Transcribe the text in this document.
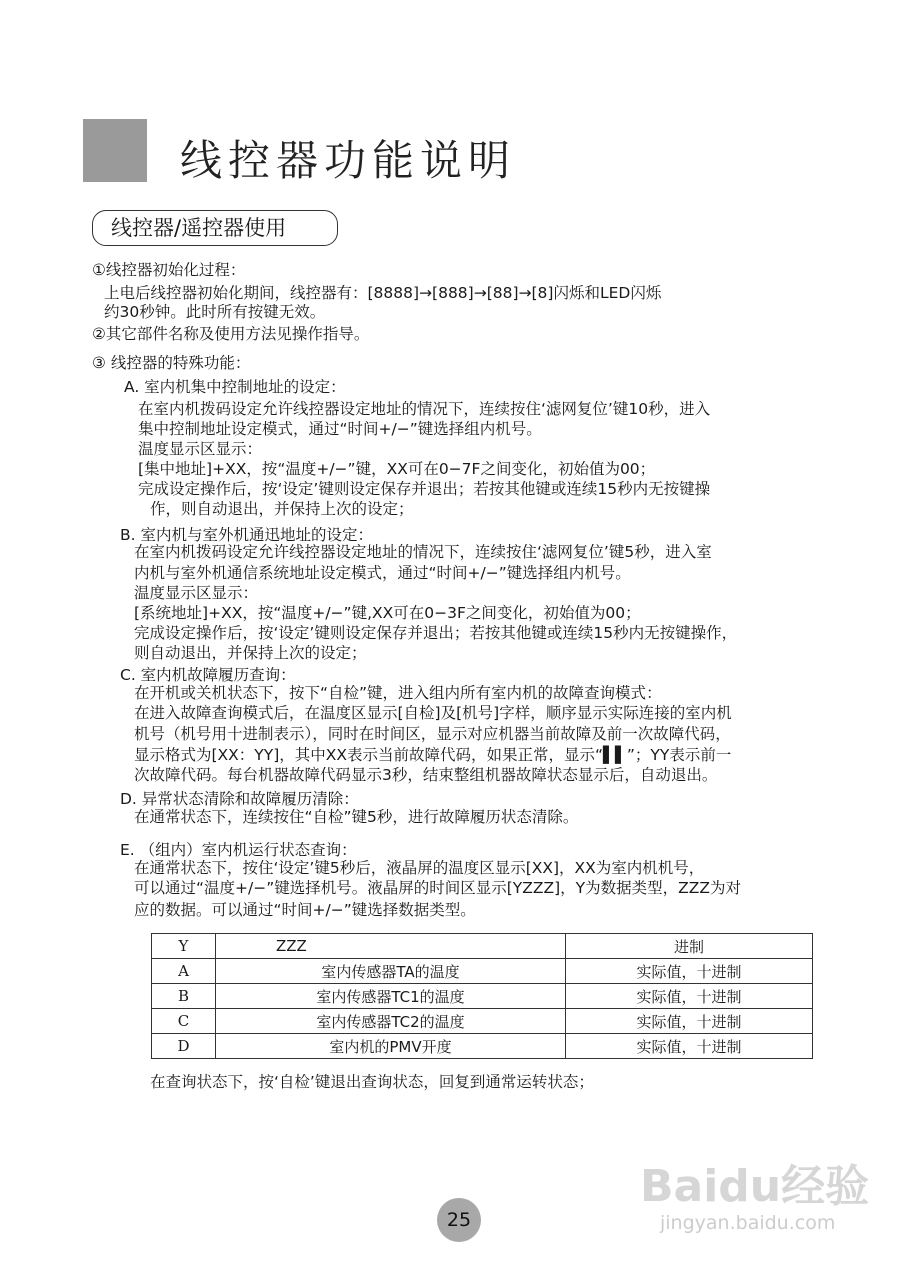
线控器功能说明
线控器/遥控器使用
①线控器初始化过程：
上电后线控器初始化期间，线控器有：[8888]→[888]→[88]→[8]闪烁和LED闪烁
约30秒钟。此时所有按键无效。
②其它部件名称及使用方法见操作指导。
③ 线控器的特殊功能：
A. 室内机集中控制地址的设定：
在室内机拨码设定允许线控器设定地址的情况下，连续按住‘滤网复位’键10秒，进入
集中控制地址设定模式，通过“时间+/−”键选择组内机号。
温度显示区显示：
[集中地址]+XX，按“温度+/−”键，XX可在0−7F之间变化，初始值为00；
完成设定操作后，按‘设定’键则设定保存并退出；若按其他键或连续15秒内无按键操
作，则自动退出，并保持上次的设定；
B. 室内机与室外机通迅地址的设定：
在室内机拨码设定允许线控器设定地址的情况下，连续按住‘滤网复位’键5秒，进入室
内机与室外机通信系统地址设定模式，通过“时间+/−”键选择组内机号。
温度显示区显示：
[系统地址]+XX，按“温度+/−”键,XX可在0−3F之间变化，初始值为00；
完成设定操作后，按‘设定’键则设定保存并退出；若按其他键或连续15秒内无按键操作，
则自动退出，并保持上次的设定；
C. 室内机故障履历查询：
在开机或关机状态下，按下“自检”键，进入组内所有室内机的故障查询模式：
在进入故障查询模式后，在温度区显示[自检]及[机号]字样，顺序显示实际连接的室内机
机号（机号用十进制表示），同时在时间区，显示对应机器当前故障及前一次故障代码，
显示格式为[XX：YY]，其中XX表示当前故障代码，如果正常，显示“▌▌”；YY表示前一
次故障代码。每台机器故障代码显示3秒，结束整组机器故障状态显示后，自动退出。
D. 异常状态清除和故障履历清除：
在通常状态下，连续按住“自检”键5秒，进行故障履历状态清除。
E. （组内）室内机运行状态查询：
在通常状态下，按住‘设定’键5秒后，液晶屏的温度区显示[XX]，XX为室内机机号，
可以通过“温度+/−”键选择机号。液晶屏的时间区显示[YZZZ]，Y为数据类型，ZZZ为对
应的数据。可以通过“时间+/−”键选择数据类型。
Y	ZZZ	进制
A	室内传感器TA的温度	实际值，十进制
B	室内传感器TC1的温度	实际值，十进制
C	室内传感器TC2的温度	实际值，十进制
D	室内机的PMV开度	实际值，十进制
在查询状态下，按‘自检’键退出查询状态，回复到通常运转状态；
25
Baidu经验
jingyan.baidu.com
